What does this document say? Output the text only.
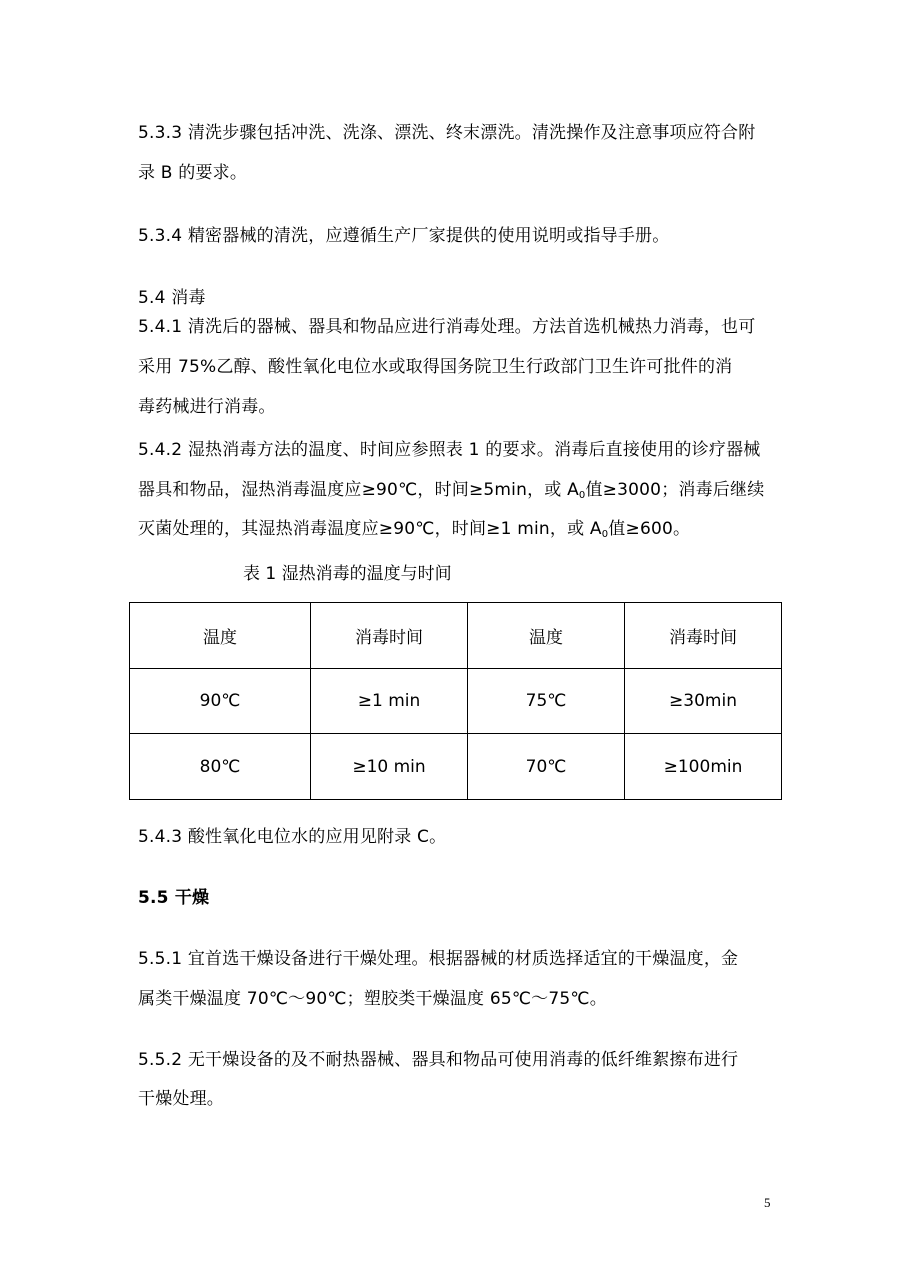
5.3.3 清洗步骤包括冲洗、洗涤、漂洗、终末漂洗。清洗操作及注意事项应符合附
录 B 的要求。
5.3.4 精密器械的清洗，应遵循生产厂家提供的使用说明或指导手册。
5.4 消毒
5.4.1 清洗后的器械、器具和物品应进行消毒处理。方法首选机械热力消毒，也可
采用 75%乙醇、酸性氧化电位水或取得国务院卫生行政部门卫生许可批件的消
毒药械进行消毒。
5.4.2 湿热消毒方法的温度、时间应参照表 1 的要求。消毒后直接使用的诊疗器械
器具和物品，湿热消毒温度应≥90℃，时间≥5min，或 A0值≥3000；消毒后继续
灭菌处理的，其湿热消毒温度应≥90℃，时间≥1 min，或 A0值≥600。
表 1 湿热消毒的温度与时间
温度	消毒时间	温度	消毒时间
90℃	≥1 min	75℃	≥30min
80℃	≥10 min	70℃	≥100min
5.4.3 酸性氧化电位水的应用见附录 C。
5.5 干燥
5.5.1 宜首选干燥设备进行干燥处理。根据器械的材质选择适宜的干燥温度，金
属类干燥温度 70℃～90℃；塑胶类干燥温度 65℃～75℃。
5.5.2 无干燥设备的及不耐热器械、器具和物品可使用消毒的低纤维絮擦布进行
干燥处理。
5
